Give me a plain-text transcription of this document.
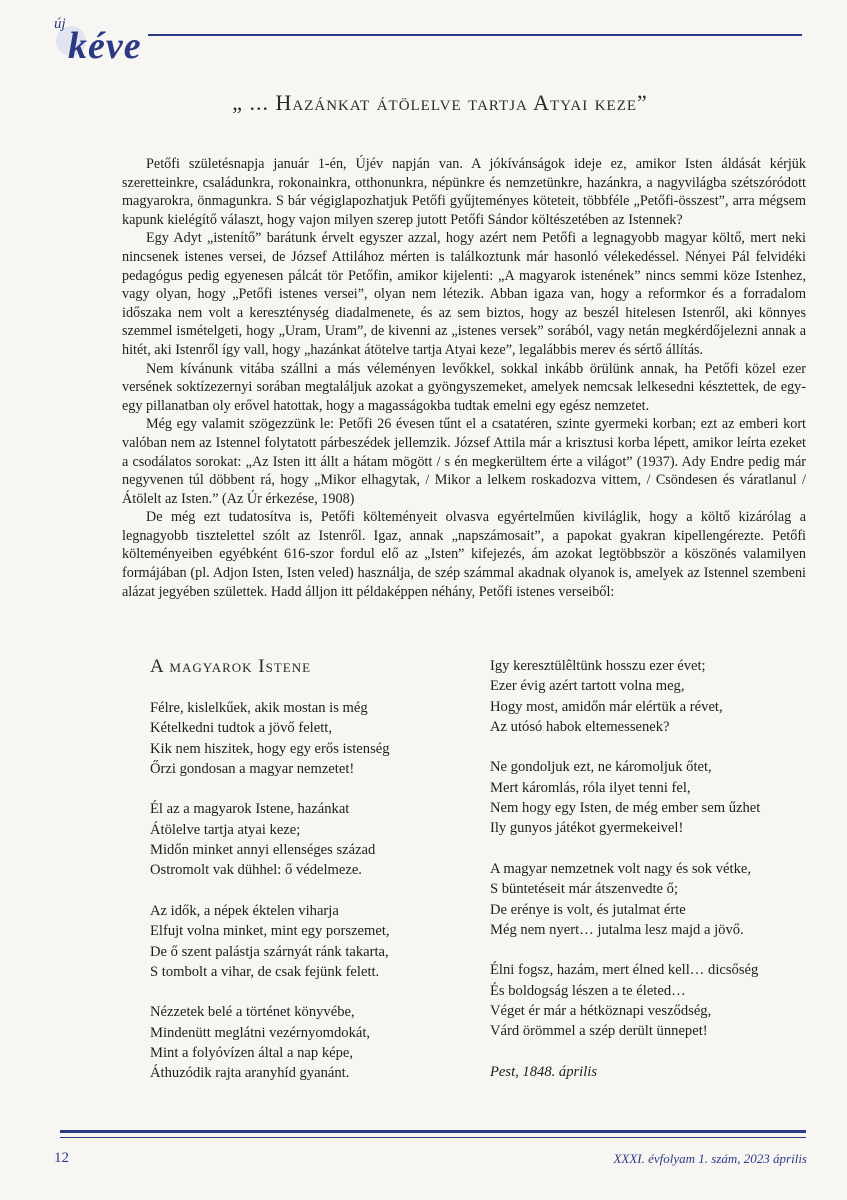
új
kéve
„ ... Hazánkat átölelve tartja Atyai keze”

Petőfi születésnapja január 1-én, Újév napján van. A jókívánságok ideje ez, amikor Isten áldását kérjük szeretteinkre, családunkra, rokonainkra, otthonunkra, népünkre és nemzetünkre, hazánkra, a nagyvilágba szétszóródott magyarokra, önmagunkra. S bár végiglapozhatjuk Petőfi gyűjteményes köteteit, többféle „Petőfi-összest”, arra mégsem kapunk kielégítő választ, hogy vajon milyen szerep jutott Petőfi Sándor költészetében az Istennek?

Egy Adyt „istenítő” barátunk érvelt egyszer azzal, hogy azért nem Petőfi a legnagyobb magyar költő, mert neki nincsenek istenes versei, de József Attilához mérten is találkoztunk már hasonló vélekedéssel. Nényei Pál felvidéki pedagógus pedig egyenesen pálcát tör Petőfin, amikor kijelenti: „A magyarok istenének” nincs semmi köze Istenhez, vagy olyan, hogy „Petőfi istenes versei”, olyan nem létezik. Abban igaza van, hogy a reformkor és a forradalom időszaka nem volt a kereszténység diadalmenete, és az sem biztos, hogy az beszél hitelesen Istenről, aki könnyes szemmel ismételgeti, hogy „Uram, Uram”, de kivenni az „istenes versek” sorából, vagy netán megkérdőjelezni annak a hitét, aki Istenről így vall, hogy „hazánkat átötelve tartja Atyai keze”, legalábbis merev és sértő állítás.

Nem kívánunk vitába szállni a más véleményen levőkkel, sokkal inkább örülünk annak, ha Petőfi közel ezer versének soktízezernyi sorában megtaláljuk azokat a gyöngyszemeket, amelyek nemcsak lelkesedni késztettek, de egy-egy pillanatban oly erővel hatottak, hogy a magasságokba tudtak emelni egy egész nemzetet.

Még egy valamit szögezzünk le: Petőfi 26 évesen tűnt el a csatatéren, szinte gyermeki korban; ezt az emberi kort valóban nem az Istennel folytatott párbeszédek jellemzik. József Attila már a krisztusi korba lépett, amikor leírta ezeket a csodálatos sorokat: „Az Isten itt állt a hátam mögött / s én megkerültem érte a világot” (1937). Ady Endre pedig már negyvenen túl döbbent rá, hogy „Mikor elhagytak, / Mikor a lelkem roskadozva vittem, / Csöndesen és váratlanul / Átölelt az Isten.” (Az Úr érkezése, 1908)

De még ezt tudatosítva is, Petőfi költeményeit olvasva egyértelműen kiviláglik, hogy a költő kizárólag a legnagyobb tisztelettel szólt az Istenről. Igaz, annak „napszámosait”, a papokat gyakran kipellengérezte. Petőfi költeményeiben egyébként 616-szor fordul elő az „Isten” kifejezés, ám azokat legtöbbször a köszönés valamilyen formájában (pl. Adjon Isten, Isten veled) használja, de szép számmal akadnak olyanok is, amelyek az Istennel szembeni alázat jegyében születtek. Hadd álljon itt példaképpen néhány, Petőfi istenes verseiből:

A magyarok Istene
Félre, kislelkűek, akik mostan is még
Kételkedni tudtok a jövő felett,
Kik nem hiszitek, hogy egy erős istenség
Őrzi gondosan a magyar nemzetet!
Él az a magyarok Istene, hazánkat
Átölelve tartja atyai keze;
Midőn minket annyi ellenséges század
Ostromolt vak dühhel: ő védelmeze.
Az idők, a népek éktelen viharja
Elfujt volna minket, mint egy porszemet,
De ő szent palástja szárnyát ránk takarta,
S tombolt a vihar, de csak fejünk felett.
Nézzetek belé a történet könyvébe,
Mindenütt meglátni vezérnyomdokát,
Mint a folyóvízen által a nap képe,
Áthuzódik rajta aranyhíd gyanánt.
Igy keresztülêltünk hosszu ezer évet;
Ezer évig azért tartott volna meg,
Hogy most, amidőn már elértük a révet,
Az utósó habok eltemessenek?
Ne gondoljuk ezt, ne káromoljuk őtet,
Mert káromlás, róla ilyet tenni fel,
Nem hogy egy Isten, de még ember sem űzhet
Ily gunyos játékot gyermekeivel!
A magyar nemzetnek volt nagy és sok vétke,
S büntetéseit már átszenvedte ő;
De erénye is volt, és jutalmat érte
Még nem nyert… jutalma lesz majd a jövő.
Élni fogsz, hazám, mert élned kell… dicsőség
És boldogság lészen a te életed…
Véget ér már a hétköznapi vesződség,
Várd örömmel a szép derült ünnepet!
Pest, 1848. április
12	XXXI. évfolyam 1. szám, 2023 április
